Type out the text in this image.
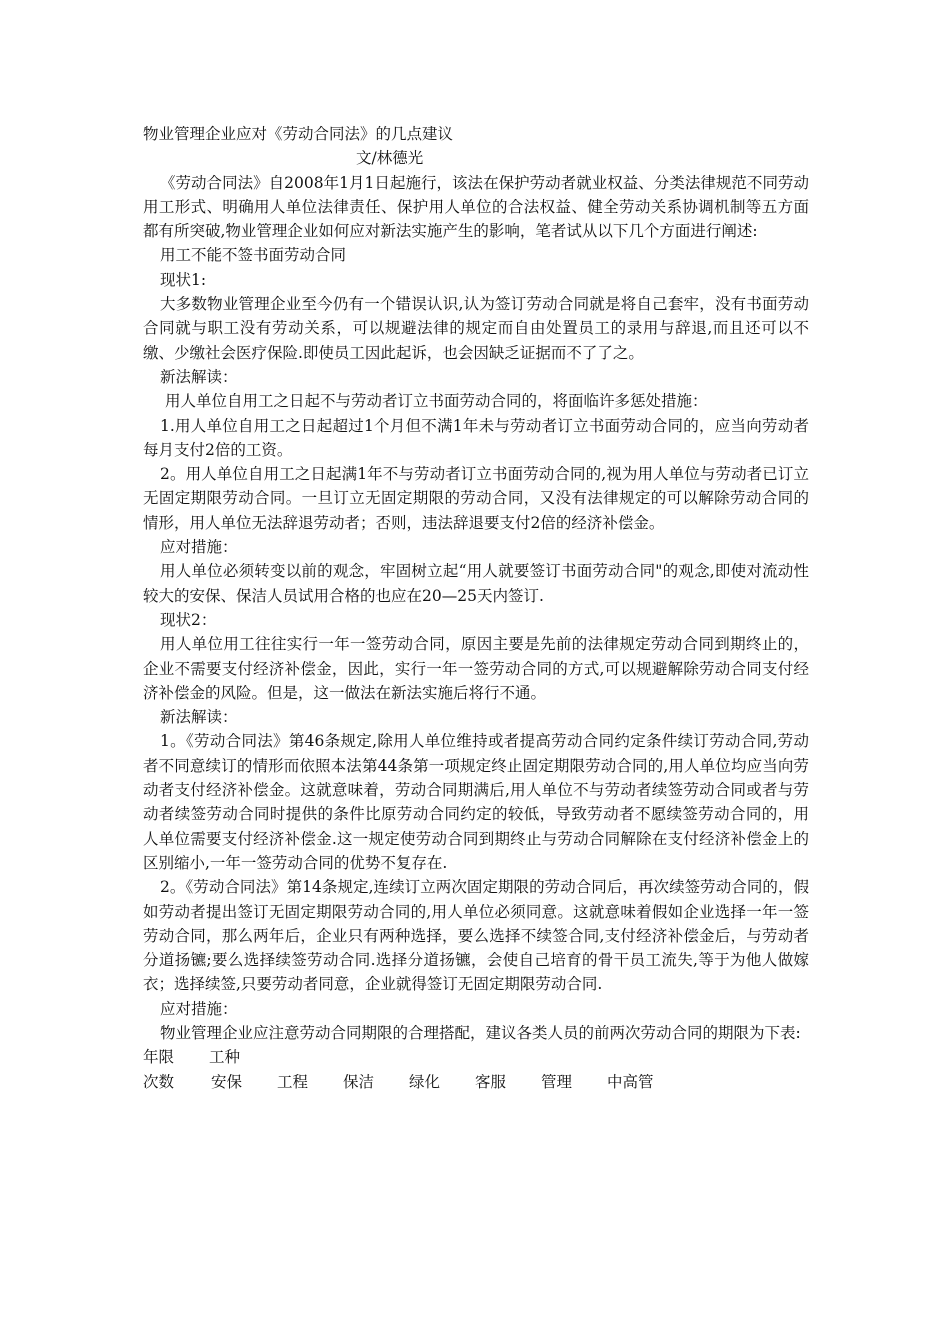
物业管理企业应对《劳动合同法》的几点建议

文/林德光

《劳动合同法》自2008年1月1日起施行，该法在保护劳动者就业权益、分类法律规范不同劳动用工形式、明确用人单位法律责任、保护用人单位的合法权益、健全劳动关系协调机制等五方面都有所突破,物业管理企业如何应对新法实施产生的影响，笔者试从以下几个方面进行阐述:

用工不能不签书面劳动合同

现状1:

大多数物业管理企业至今仍有一个错误认识,认为签订劳动合同就是将自己套牢，没有书面劳动合同就与职工没有劳动关系，可以规避法律的规定而自由处置员工的录用与辞退,而且还可以不缴、少缴社会医疗保险.即使员工因此起诉，也会因缺乏证据而不了了之。

新法解读：

用人单位自用工之日起不与劳动者订立书面劳动合同的，将面临许多惩处措施：

1.用人单位自用工之日起超过1个月但不满1年未与劳动者订立书面劳动合同的，应当向劳动者每月支付2倍的工资。

2。用人单位自用工之日起满1年不与劳动者订立书面劳动合同的,视为用人单位与劳动者已订立无固定期限劳动合同。一旦订立无固定期限的劳动合同，又没有法律规定的可以解除劳动合同的情形，用人单位无法辞退劳动者；否则，违法辞退要支付2倍的经济补偿金。

应对措施：

用人单位必须转变以前的观念，牢固树立起“用人就要签订书面劳动合同"的观念,即使对流动性较大的安保、保洁人员试用合格的也应在20—25天内签订.

现状2：

用人单位用工往往实行一年一签劳动合同，原因主要是先前的法律规定劳动合同到期终止的，企业不需要支付经济补偿金，因此，实行一年一签劳动合同的方式,可以规避解除劳动合同支付经济补偿金的风险。但是，这一做法在新法实施后将行不通。

新法解读：

1。《劳动合同法》第46条规定,除用人单位维持或者提高劳动合同约定条件续订劳动合同,劳动者不同意续订的情形而依照本法第44条第一项规定终止固定期限劳动合同的,用人单位均应当向劳动者支付经济补偿金。这就意味着，劳动合同期满后,用人单位不与劳动者续签劳动合同或者与劳动者续签劳动合同时提供的条件比原劳动合同约定的较低，导致劳动者不愿续签劳动合同的，用人单位需要支付经济补偿金.这一规定使劳动合同到期终止与劳动合同解除在支付经济补偿金上的区别缩小,一年一签劳动合同的优势不复存在.

2。《劳动合同法》第14条规定,连续订立两次固定期限的劳动合同后，再次续签劳动合同的，假如劳动者提出签订无固定期限劳动合同的,用人单位必须同意。这就意味着假如企业选择一年一签劳动合同，那么两年后，企业只有两种选择，要么选择不续签合同,支付经济补偿金后，与劳动者分道扬镳;要么选择续签劳动合同.选择分道扬镳，会使自己培育的骨干员工流失,等于为他人做嫁衣；选择续签,只要劳动者同意，企业就得签订无固定期限劳动合同.

应对措施：

物业管理企业应注意劳动合同期限的合理搭配，建议各类人员的前两次劳动合同的期限为下表:

年限	工种
次数	安保	工程	保洁	绿化	客服	管理	中高管
